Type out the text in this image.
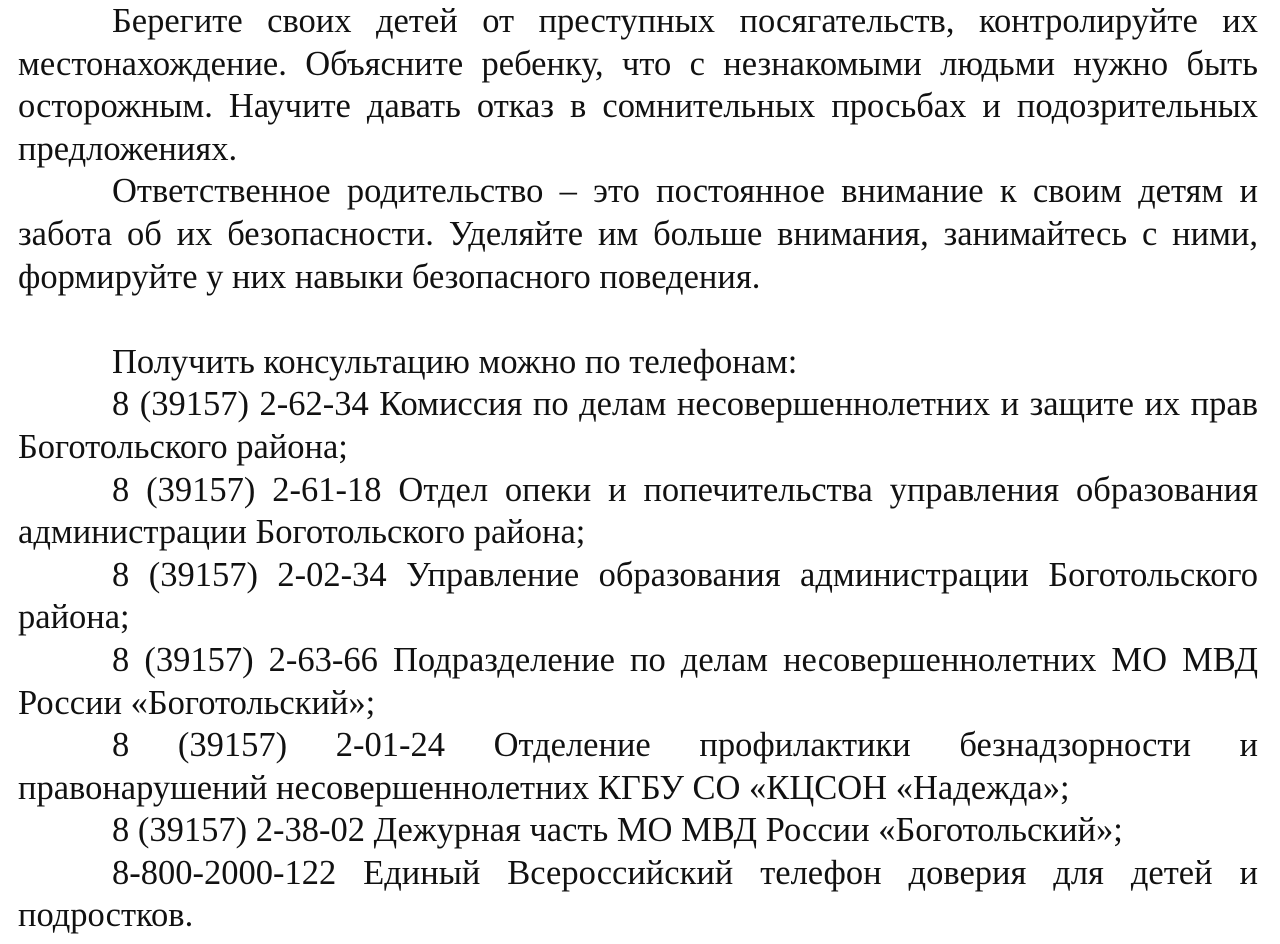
Берегите своих детей от преступных посягательств, контролируйте их местонахождение. Объясните ребенку, что с незнакомыми людьми нужно быть осторожным. Научите давать отказ в сомнительных просьбах и подозрительных предложениях.

Ответственное родительство – это постоянное внимание к своим детям и забота об их безопасности. Уделяйте им больше внимания, занимайтесь с ними, формируйте у них навыки безопасного поведения.

Получить консультацию можно по телефонам:

8 (39157) 2-62-34 Комиссия по делам несовершеннолетних и защите их прав Боготольского района;

8 (39157) 2-61-18 Отдел опеки и попечительства управления образования администрации Боготольского района;

8 (39157) 2-02-34 Управление образования администрации Боготольского района;

8 (39157) 2-63-66 Подразделение по делам несовершеннолетних МО МВД России «Боготольский»;

8 (39157) 2-01-24 Отделение профилактики безнадзорности и правонарушений несовершеннолетних КГБУ СО «КЦСОН «Надежда»;

8 (39157) 2-38-02 Дежурная часть МО МВД России «Боготольский»;

8-800-2000-122 Единый Всероссийский телефон доверия для детей и подростков.
